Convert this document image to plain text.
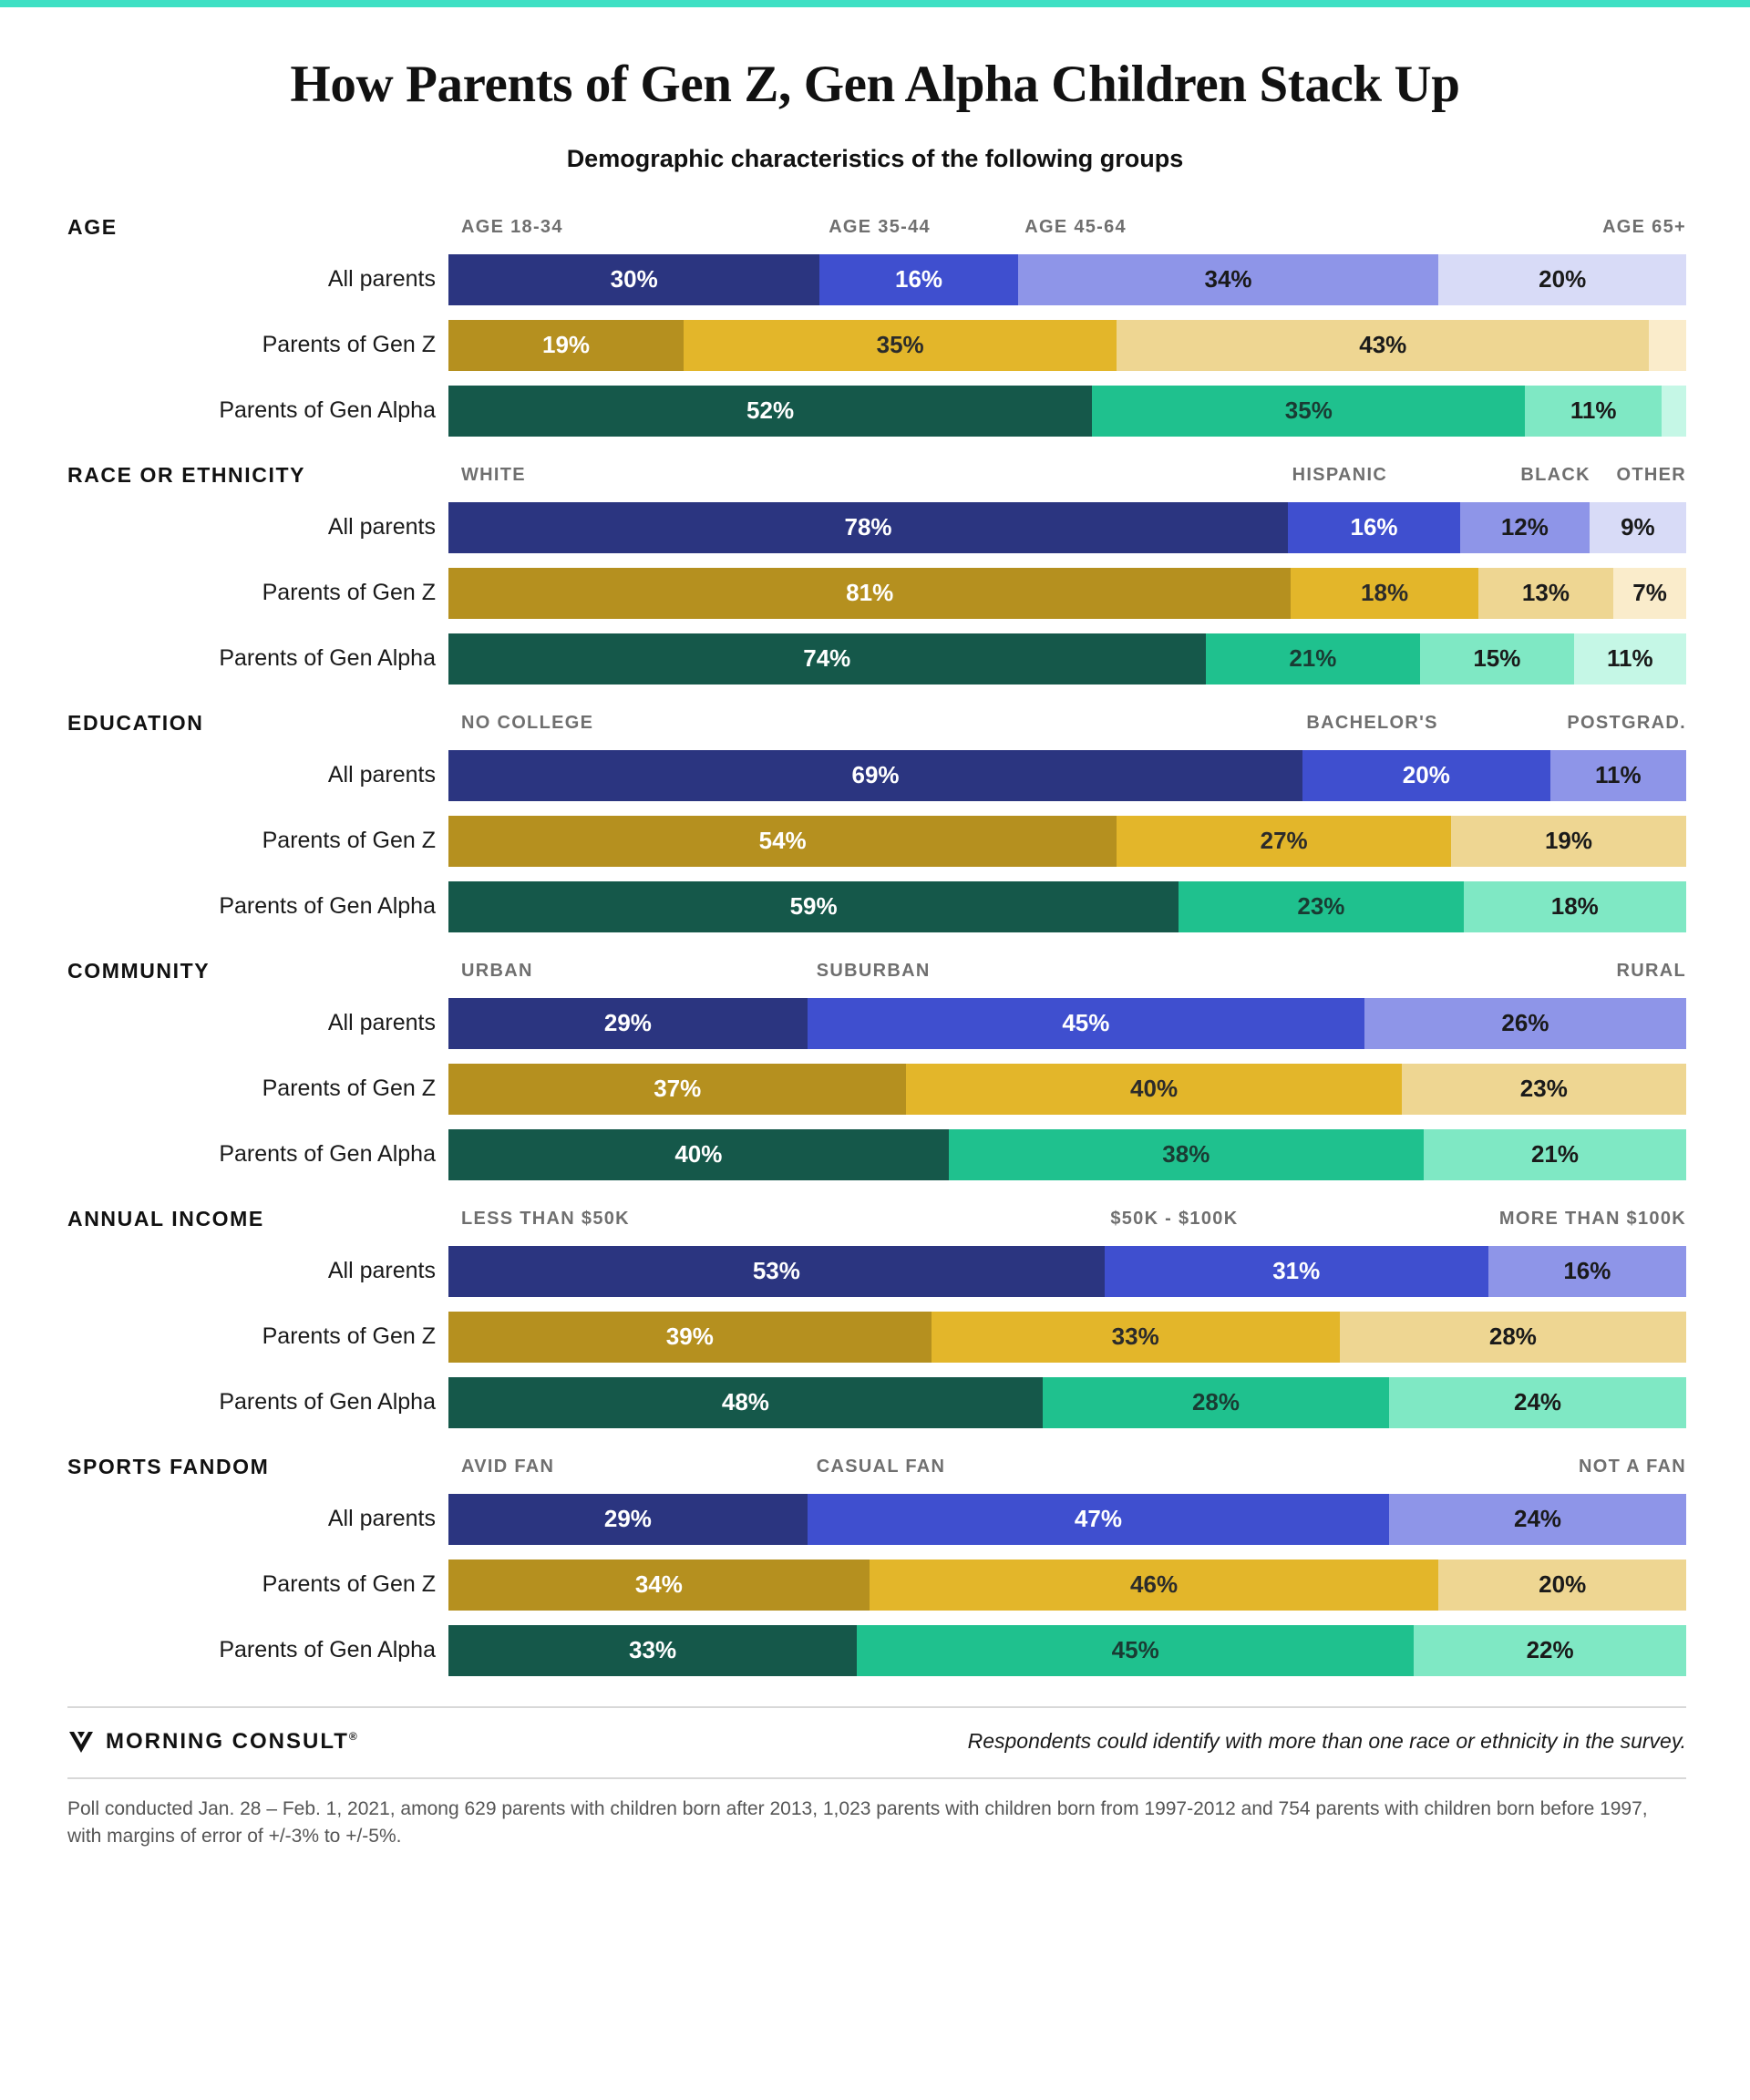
How Parents of Gen Z, Gen Alpha Children Stack Up
Demographic characteristics of the following groups
AGE	AGE 18-34	AGE 35-44	AGE 45-64	AGE 65+
All parents	30%	16%	34%	20%
Parents of Gen Z	19%	35%	43%
Parents of Gen Alpha	52%	35%	11%
RACE OR ETHNICITY	WHITE	HISPANIC	BLACK OTHER
All parents	78%	16%	12%	9%
Parents of Gen Z	81%	18%	13%	7%
Parents of Gen Alpha	74%	21%	15%	11%
EDUCATION	NO COLLEGE	BACHELOR'S	POSTGRAD.
All parents	69%	20%	11%
Parents of Gen Z	54%	27%	19%
Parents of Gen Alpha	59%	23%	18%
COMMUNITY	URBAN	SUBURBAN	RURAL
All parents	29%	45%	26%
Parents of Gen Z	37%	40%	23%
Parents of Gen Alpha	40%	38%	21%
ANNUAL INCOME	LESS THAN $50K	$50K - $100K	MORE THAN $100K
All parents	53%	31%	16%
Parents of Gen Z	39%	33%	28%
Parents of Gen Alpha	48%	28%	24%
SPORTS FANDOM	AVID FAN	CASUAL FAN	NOT A FAN
All parents	29%	47%	24%
Parents of Gen Z	34%	46%	20%
Parents of Gen Alpha	33%	45%	22%
MORNING CONSULT®	Respondents could identify with more than one race or ethnicity in the survey.
Poll conducted Jan. 28 – Feb. 1, 2021, among 629 parents with children born after 2013, 1,023 parents with children born from 1997-2012 and 754 parents with children born before 1997, with margins of error of +/-3% to +/-5%.
